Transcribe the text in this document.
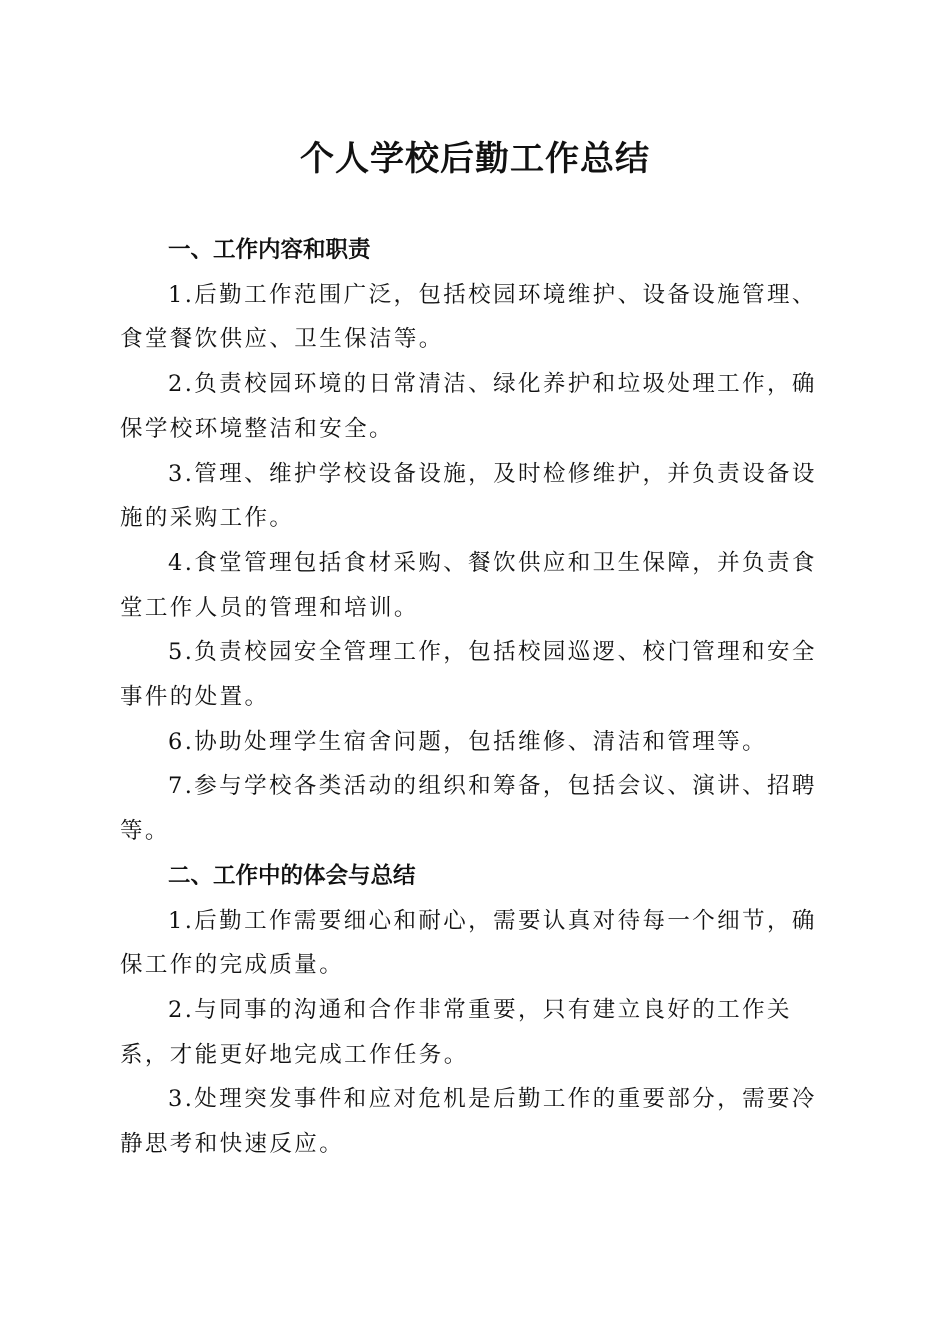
个人学校后勤工作总结

一、工作内容和职责

1.后勤工作范围广泛，包括校园环境维护、设备设施管理、食堂餐饮供应、卫生保洁等。

2.负责校园环境的日常清洁、绿化养护和垃圾处理工作，确保学校环境整洁和安全。

3.管理、维护学校设备设施，及时检修维护，并负责设备设施的采购工作。

4.食堂管理包括食材采购、餐饮供应和卫生保障，并负责食堂工作人员的管理和培训。

5.负责校园安全管理工作，包括校园巡逻、校门管理和安全事件的处置。

6.协助处理学生宿舍问题，包括维修、清洁和管理等。

7.参与学校各类活动的组织和筹备，包括会议、演讲、招聘等。

二、工作中的体会与总结

1.后勤工作需要细心和耐心，需要认真对待每一个细节，确保工作的完成质量。

2.与同事的沟通和合作非常重要，只有建立良好的工作关系，才能更好地完成工作任务。

3.处理突发事件和应对危机是后勤工作的重要部分，需要冷静思考和快速反应。
